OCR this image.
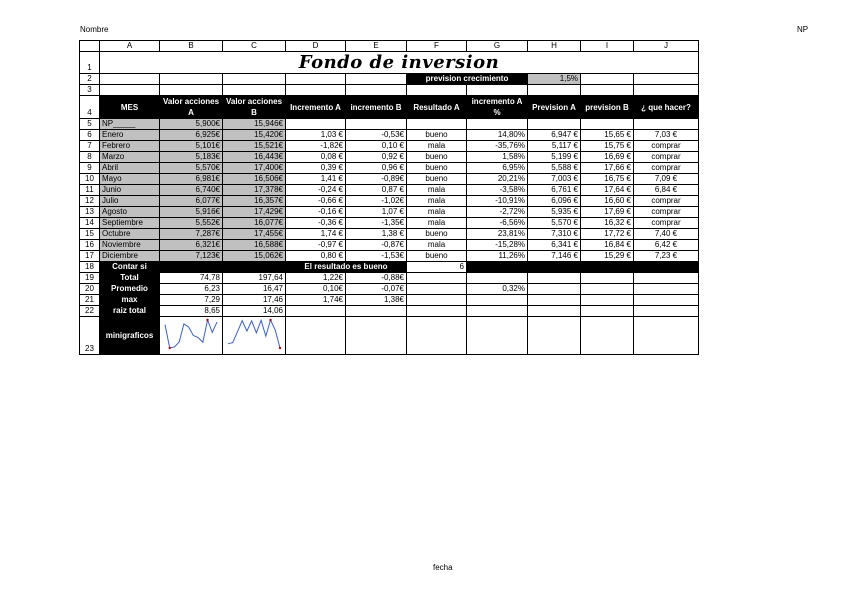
Nombre	NP
fecha
	A	B	C	D	E	F	G	H	I	J
1	Fondo de inversion									
2						prevision crecimiento		1,5%		
3										
4	MES	Valor acciones A	Valor acciones B	Incremento A	incremento B	Resultado A	incremento A %	Prevision A	prevision B	¿ que hacer?
5	NP_____	5,900€	15,946€							
6	Enero	6,925€	15,420€	1,03 €	-0,53€	bueno	14,80%	6,947 €	15,65 €	7,03 €
7	Febrero	5,101€	15,521€	-1,82€	0,10 €	mala	-35,76%	5,117 €	15,75 €	comprar
8	Marzo	5,183€	16,443€	0,08 €	0,92 €	bueno	1,58%	5,199 €	16,69 €	comprar
9	Abril	5,570€	17,400€	0,39 €	0,96 €	bueno	6,95%	5,588 €	17,66 €	comprar
10	Mayo	6,981€	16,506€	1,41 €	-0,89€	bueno	20,21%	7,003 €	16,75 €	7,09 €
11	Junio	6,740€	17,378€	-0,24 €	0,87 €	mala	-3,58%	6,761 €	17,64 €	6,84 €
12	Julio	6,077€	16,357€	-0,66 €	-1,02€	mala	-10,91%	6,096 €	16,60 €	comprar
13	Agosto	5,916€	17,429€	-0,16 €	1,07 €	mala	-2,72%	5,935 €	17,69 €	comprar
14	Septiembre	5,552€	16,077€	-0,36 €	-1,35€	mala	-6,56%	5,570 €	16,32 €	comprar
15	Octubre	7,287€	17,455€	1,74 €	1,38 €	bueno	23,81%	7,310 €	17,72 €	7,40 €
16	Noviembre	6,321€	16,588€	-0,97 €	-0,87€	mala	-15,28%	6,341 €	16,84 €	6,42 €
17	Diciembre	7,123€	15,062€	0,80 €	-1,53€	bueno	11,26%	7,146 €	15,29 €	7,23 €
18	Contar si			El resultado es bueno		6				
19	Total	74,78	197,64	1,22€	-0,88€					
20	Promedio	6,23	16,47	0,10€	-0,07€		0,32%			
21	max	7,29	17,46	1,74€	1,38€					
22	raiz total	8,65	14,06							
23	minigraficos									
